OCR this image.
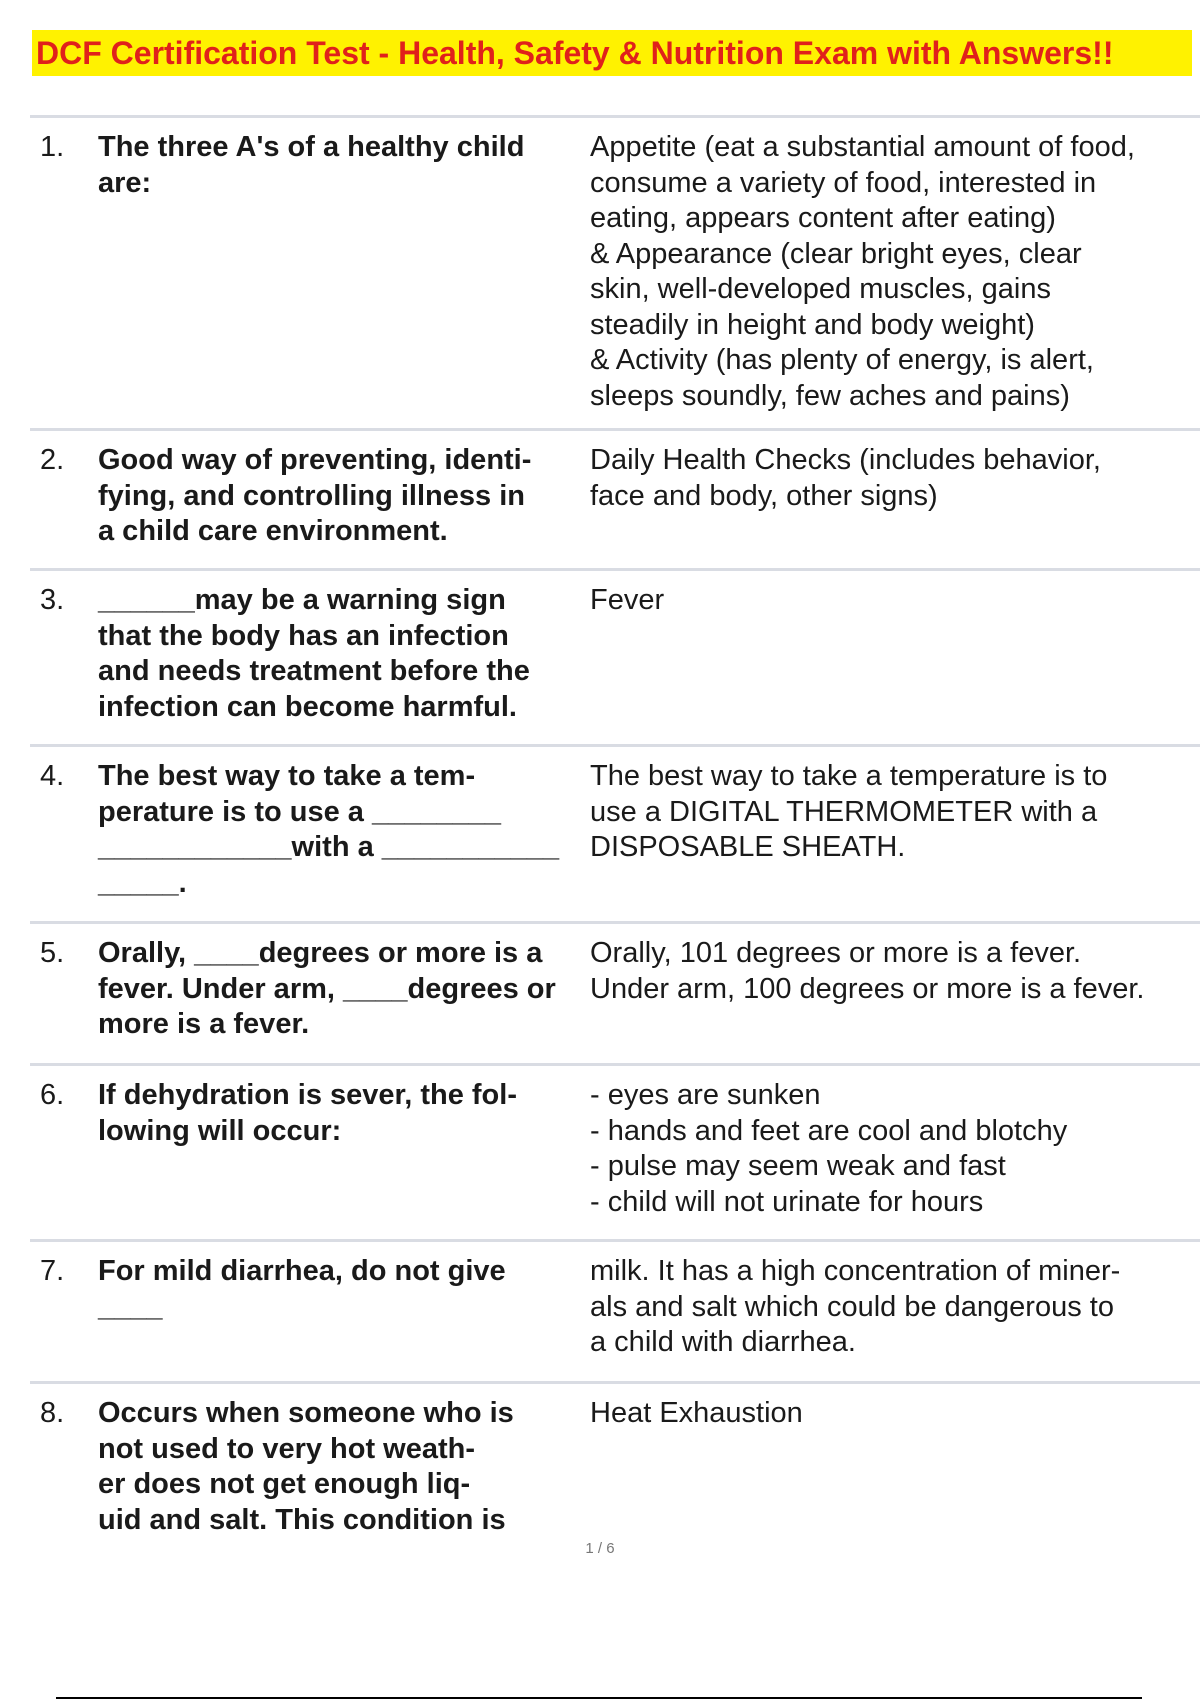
DCF Certification Test - Health, Safety & Nutrition Exam with Answers!!
1. The three A's of a healthy child
are:
Appetite (eat a substantial amount of food,
consume a variety of food, interested in
eating, appears content after eating)
& Appearance (clear bright eyes, clear
skin, well-developed muscles, gains
steadily in height and body weight)
& Activity (has plenty of energy, is alert,
sleeps soundly, few aches and pains)
2. Good way of preventing, identi-
fying, and controlling illness in
a child care environment.
Daily Health Checks (includes behavior,
face and body, other signs)
3. ______may be a warning sign
that the body has an infection
and needs treatment before the
infection can become harmful.
Fever
4. The best way to take a tem-
perature is to use a ________
____________with a ___________
_____.
The best way to take a temperature is to
use a DIGITAL THERMOMETER with a
DISPOSABLE SHEATH.
5. Orally, ____degrees or more is a
fever. Under arm, ____degrees or
more is a fever.
Orally, 101 degrees or more is a fever.
Under arm, 100 degrees or more is a fever.
6. If dehydration is sever, the fol-
lowing will occur:
- eyes are sunken
- hands and feet are cool and blotchy
- pulse may seem weak and fast
- child will not urinate for hours
7. For mild diarrhea, do not give
____
milk. It has a high concentration of miner-
als and salt which could be dangerous to
a child with diarrhea.
8. Occurs when someone who is
not used to very hot weath-
er does not get enough liq-
uid and salt. This condition is
Heat Exhaustion
1 / 6
